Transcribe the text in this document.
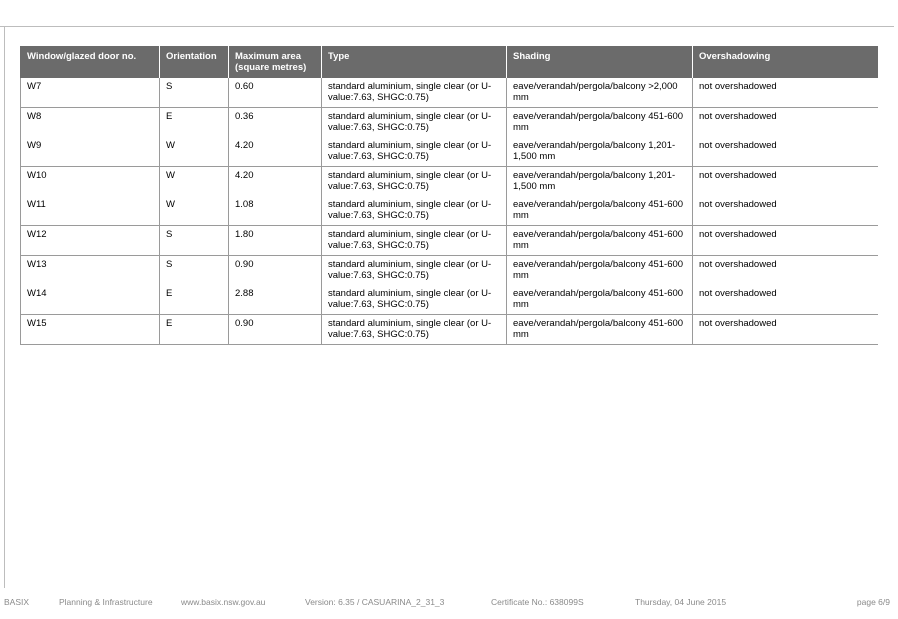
Window/glazed door no.	Orientation	Maximum area (square metres)	Type	Shading	Overshadowing
W7	S	0.60	standard aluminium, single clear (or U-value:7.63, SHGC:0.75)	eave/verandah/pergola/balcony >2,000 mm	not overshadowed
W8	E	0.36	standard aluminium, single clear (or U-value:7.63, SHGC:0.75)	eave/verandah/pergola/balcony 451-600 mm	not overshadowed
W9	W	4.20	standard aluminium, single clear (or U-value:7.63, SHGC:0.75)	eave/verandah/pergola/balcony 1,201-1,500 mm	not overshadowed
W10	W	4.20	standard aluminium, single clear (or U-value:7.63, SHGC:0.75)	eave/verandah/pergola/balcony 1,201-1,500 mm	not overshadowed
W11	W	1.08	standard aluminium, single clear (or U-value:7.63, SHGC:0.75)	eave/verandah/pergola/balcony 451-600 mm	not overshadowed
W12	S	1.80	standard aluminium, single clear (or U-value:7.63, SHGC:0.75)	eave/verandah/pergola/balcony 451-600 mm	not overshadowed
W13	S	0.90	standard aluminium, single clear (or U-value:7.63, SHGC:0.75)	eave/verandah/pergola/balcony 451-600 mm	not overshadowed
W14	E	2.88	standard aluminium, single clear (or U-value:7.63, SHGC:0.75)	eave/verandah/pergola/balcony 451-600 mm	not overshadowed
W15	E	0.90	standard aluminium, single clear (or U-value:7.63, SHGC:0.75)	eave/verandah/pergola/balcony 451-600 mm	not overshadowed
BASIX	Planning & Infrastructure	www.basix.nsw.gov.au	Version: 6.35 / CASUARINA_2_31_3	Certificate No.: 638099S	Thursday, 04 June 2015	page 6/9
